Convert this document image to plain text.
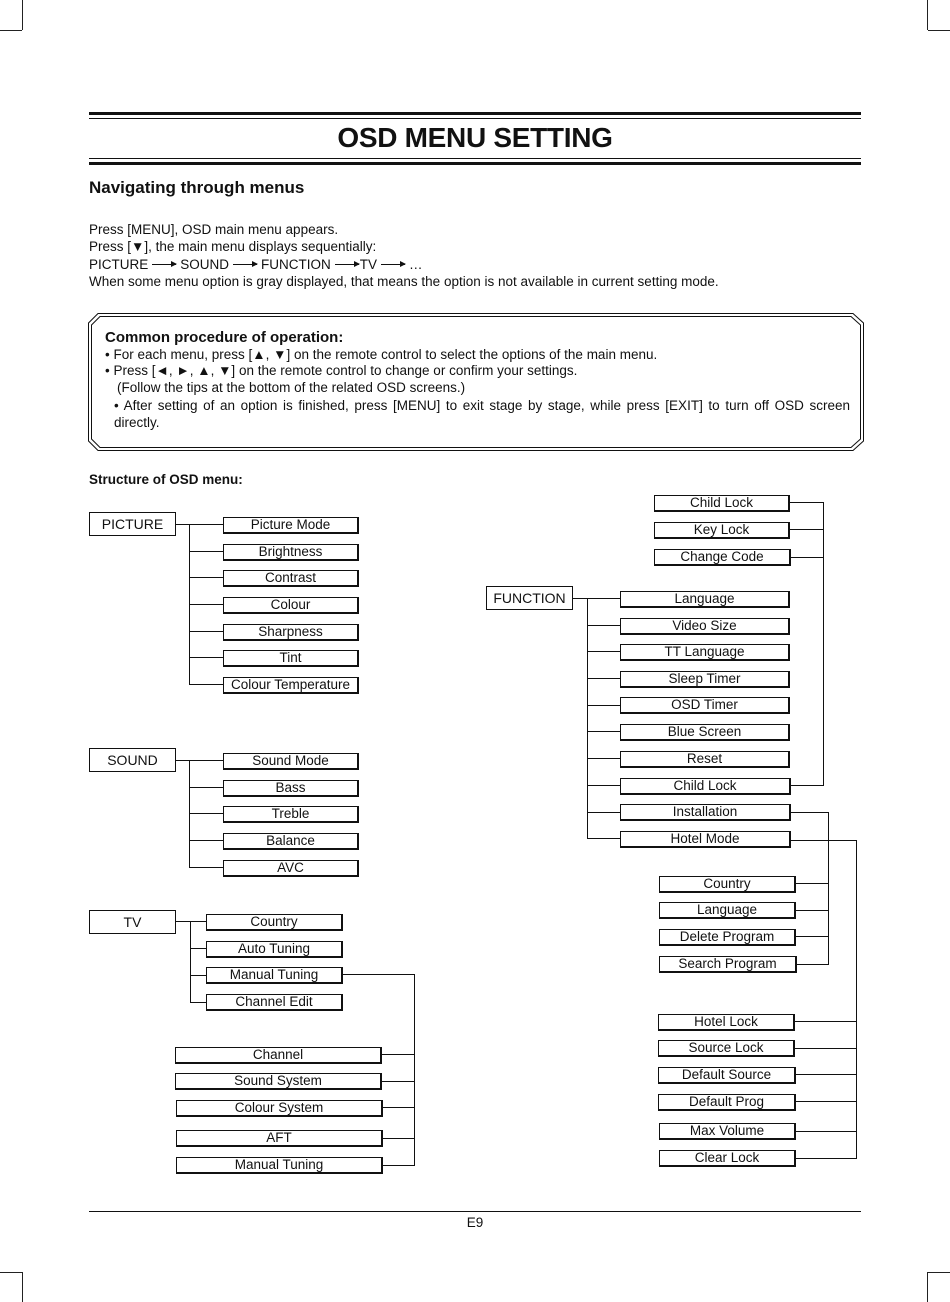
OSD MENU SETTING
Navigating through menus
Press [MENU], OSD main menu appears.
Press [▼], the main menu displays sequentially:
PICTURE SOUND FUNCTION TV …
When some menu option is gray displayed, that means the option is not available in current setting mode.
Common procedure of operation:
• For each menu, press [▲, ▼] on the remote control to select the options of the main menu.
• Press [◄, ►, ▲, ▼] on the remote control to change or confirm your settings.
(Follow the tips at the bottom of the related OSD screens.)
• After setting of an option is finished, press [MENU] to exit stage by stage, while press [EXIT] to turn off OSD screen directly.
Structure of OSD menu:
PICTURE	Picture Mode
Brightness
Contrast
Colour
Sharpness
Tint
Colour Temperature
SOUND	Sound Mode
Bass
Treble
Balance
AVC
TV	Country
Auto Tuning
Manual Tuning
Channel Edit
Channel
Sound System
Colour System
AFT
Manual Tuning
FUNCTION	Language
Video Size
TT Language
Sleep Timer
OSD Timer
Blue Screen
Reset
Child Lock
Installation
Hotel Mode
Child Lock
Key Lock
Change Code
Country
Language
Delete Program
Search Program
Hotel Lock
Source Lock
Default Source
Default Prog
Max Volume
Clear Lock
E9
